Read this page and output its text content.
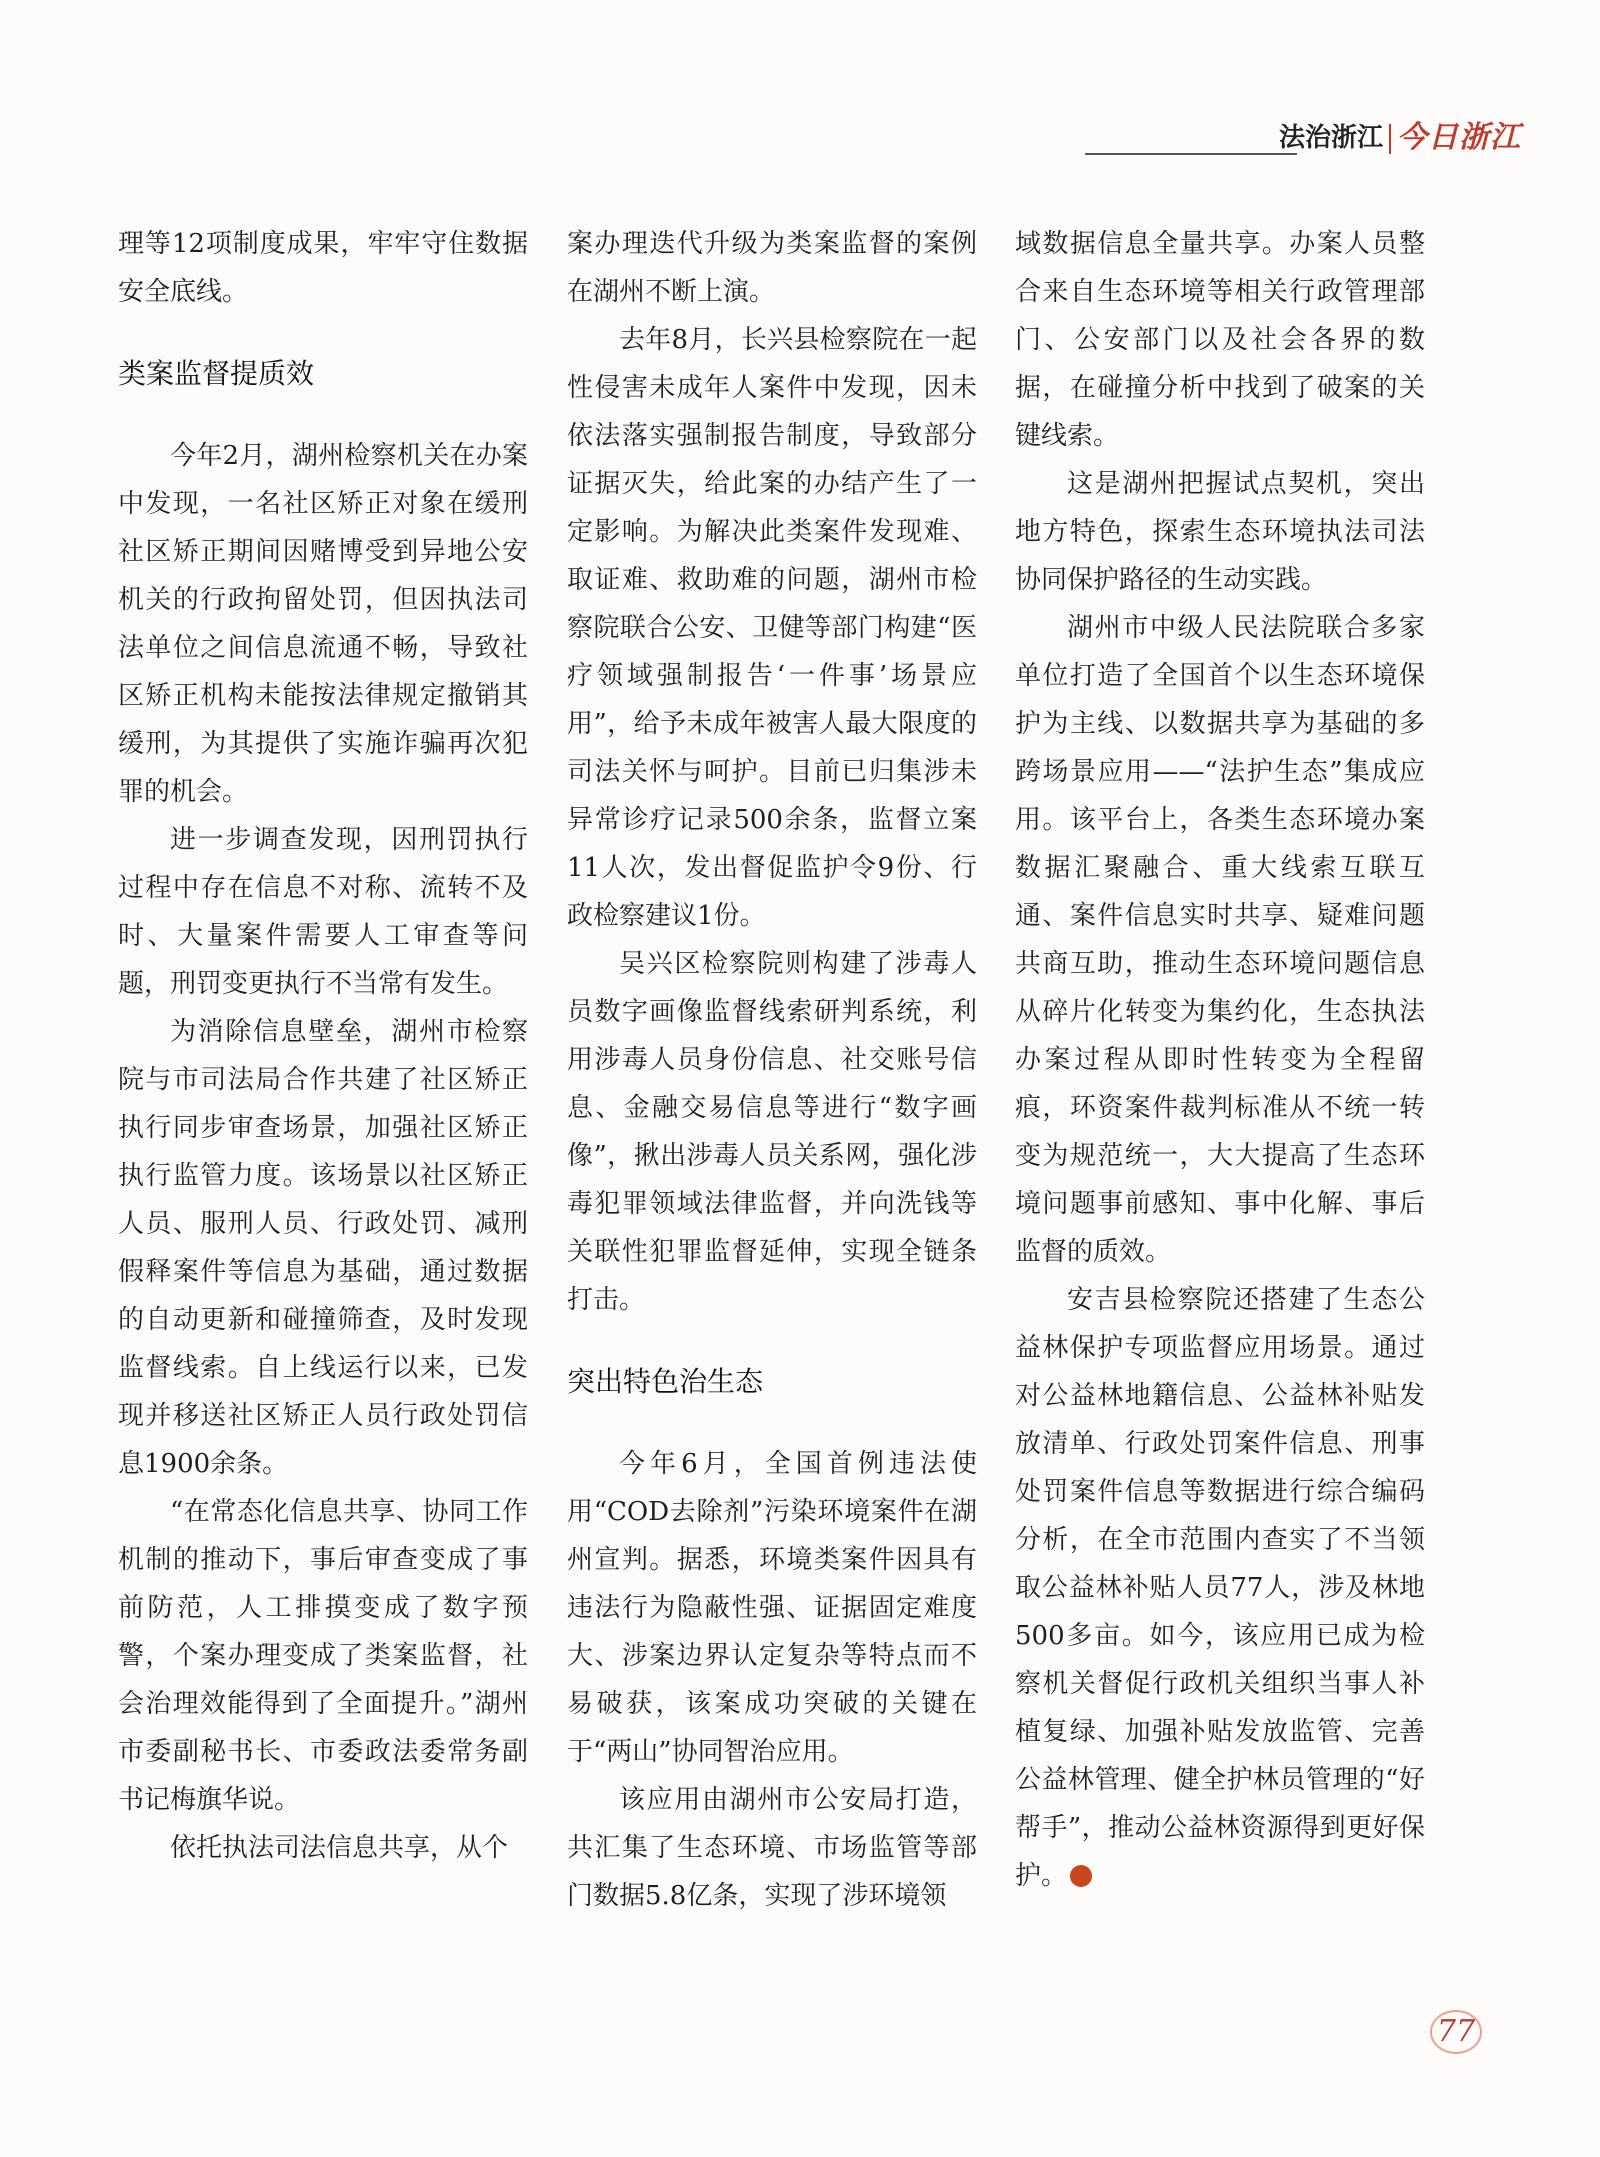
法治浙江 今日浙江

理等12项制度成果，牢牢守住数据安全底线。

类案监督提质效

今年2月，湖州检察机关在办案中发现，一名社区矫正对象在缓刑社区矫正期间因赌博受到异地公安机关的行政拘留处罚，但因执法司法单位之间信息流通不畅，导致社区矫正机构未能按法律规定撤销其缓刑，为其提供了实施诈骗再次犯罪的机会。

进一步调查发现，因刑罚执行过程中存在信息不对称、流转不及时、大量案件需要人工审查等问题，刑罚变更执行不当常有发生。

为消除信息壁垒，湖州市检察院与市司法局合作共建了社区矫正执行同步审查场景，加强社区矫正执行监管力度。该场景以社区矫正人员、服刑人员、行政处罚、减刑假释案件等信息为基础，通过数据的自动更新和碰撞筛查，及时发现监督线索。自上线运行以来，已发现并移送社区矫正人员行政处罚信息1900余条。

“在常态化信息共享、协同工作机制的推动下，事后审查变成了事前防范，人工排摸变成了数字预警，个案办理变成了类案监督，社会治理效能得到了全面提升。”湖州市委副秘书长、市委政法委常务副书记梅旗华说。

依托执法司法信息共享，从个

案办理迭代升级为类案监督的案例在湖州不断上演。

去年8月，长兴县检察院在一起性侵害未成年人案件中发现，因未依法落实强制报告制度，导致部分证据灭失，给此案的办结产生了一定影响。为解决此类案件发现难、取证难、救助难的问题，湖州市检察院联合公安、卫健等部门构建“医疗领域强制报告‘一件事’场景应用”，给予未成年被害人最大限度的司法关怀与呵护。目前已归集涉未异常诊疗记录500余条，监督立案11人次，发出督促监护令9份、行政检察建议1份。

吴兴区检察院则构建了涉毒人员数字画像监督线索研判系统，利用涉毒人员身份信息、社交账号信息、金融交易信息等进行“数字画像”，揪出涉毒人员关系网，强化涉毒犯罪领域法律监督，并向洗钱等关联性犯罪监督延伸，实现全链条打击。

突出特色治生态

今年6月，全国首例违法使用“COD去除剂”污染环境案件在湖州宣判。据悉，环境类案件因具有违法行为隐蔽性强、证据固定难度大、涉案边界认定复杂等特点而不易破获，该案成功突破的关键在于“两山”协同智治应用。

该应用由湖州市公安局打造，共汇集了生态环境、市场监管等部门数据5.8亿条，实现了涉环境领

域数据信息全量共享。办案人员整合来自生态环境等相关行政管理部门、公安部门以及社会各界的数据，在碰撞分析中找到了破案的关键线索。

这是湖州把握试点契机，突出地方特色，探索生态环境执法司法协同保护路径的生动实践。

湖州市中级人民法院联合多家单位打造了全国首个以生态环境保护为主线、以数据共享为基础的多跨场景应用——“法护生态”集成应用。该平台上，各类生态环境办案数据汇聚融合、重大线索互联互通、案件信息实时共享、疑难问题共商互助，推动生态环境问题信息从碎片化转变为集约化，生态执法办案过程从即时性转变为全程留痕，环资案件裁判标准从不统一转变为规范统一，大大提高了生态环境问题事前感知、事中化解、事后监督的质效。

安吉县检察院还搭建了生态公益林保护专项监督应用场景。通过对公益林地籍信息、公益林补贴发放清单、行政处罚案件信息、刑事处罚案件信息等数据进行综合编码分析，在全市范围内查实了不当领取公益林补贴人员77人，涉及林地500多亩。如今，该应用已成为检察机关督促行政机关组织当事人补植复绿、加强补贴发放监管、完善公益林管理、健全护林员管理的“好帮手”，推动公益林资源得到更好保护。

77
